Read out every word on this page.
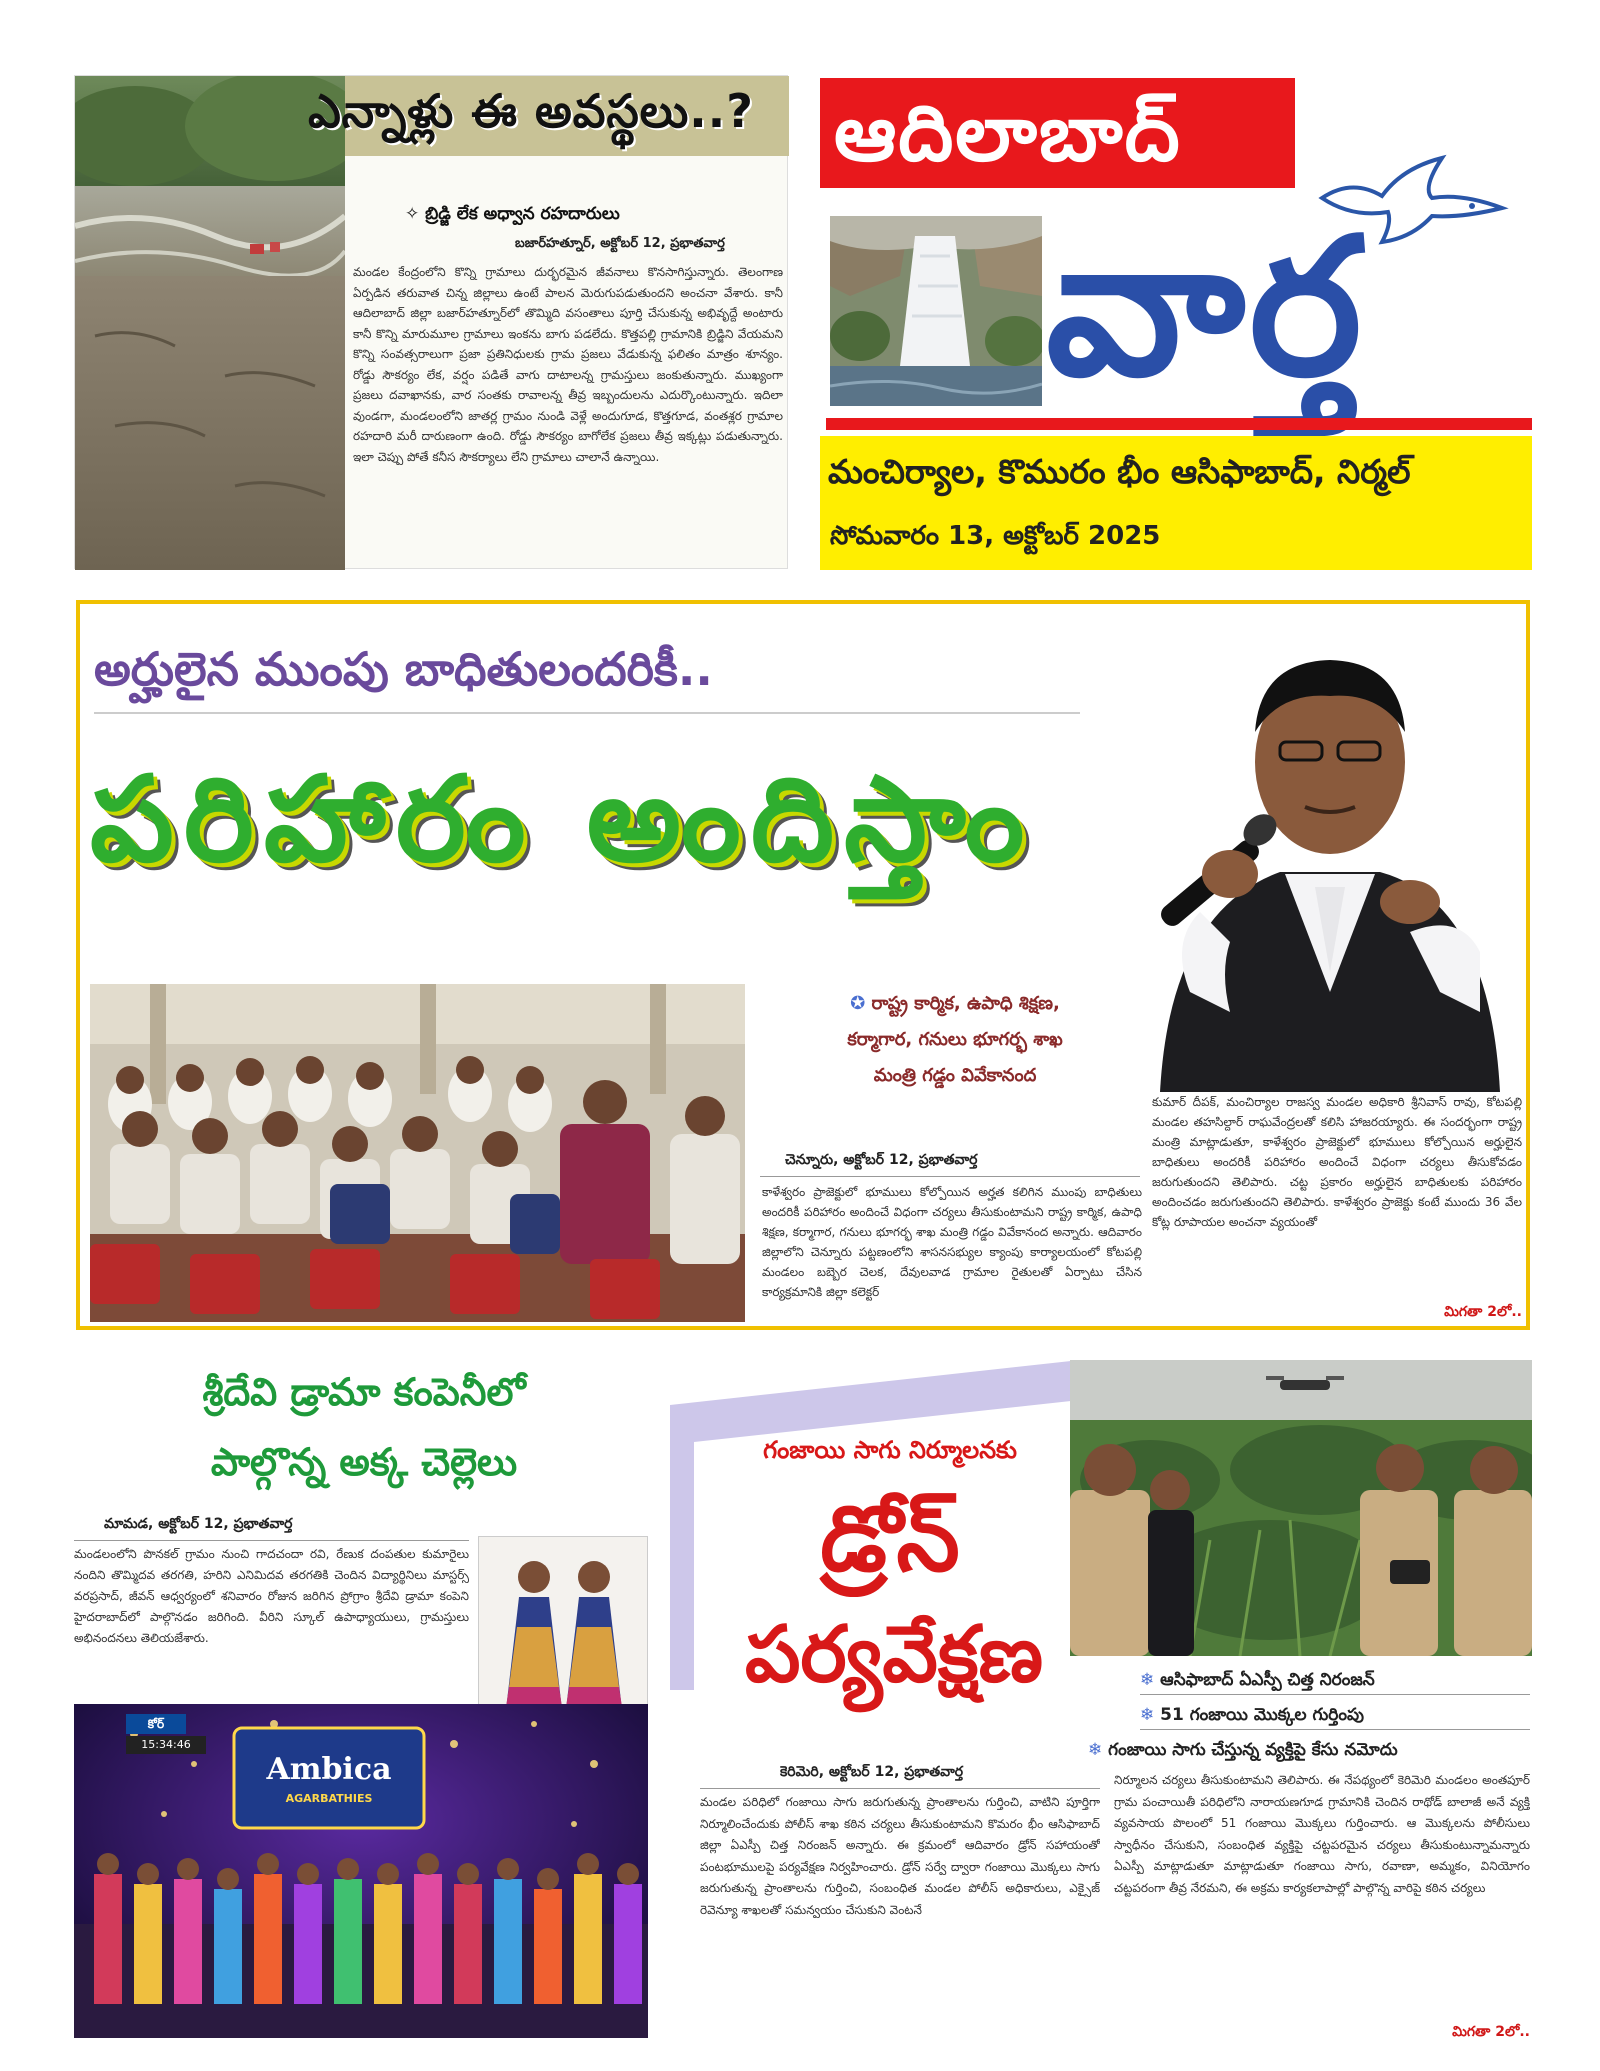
ఎన్నాళ్లు ఈ అవస్థలు..?
✧ బ్రిడ్జి లేక అధ్వాన రహదారులు
బజార్‌హత్నూర్, అక్టోబర్ 12, ప్రభాతవార్త
మండల కేంద్రంలోని కొన్ని గ్రామాలు దుర్భరమైన జీవనాలు కొనసాగిస్తున్నారు. తెలంగాణ ఏర్పడిన తరువాత చిన్న జిల్లాలు ఉంటే పాలన మెరుగుపడుతుందని అంచనా వేశారు. కానీ ఆదిలాబాద్ జిల్లా బజార్‌హత్నూర్‌లో తొమ్మిది వసంతాలు పూర్తి చేసుకున్న అభివృద్దే అంటారు కానీ కొన్ని మారుమూల గ్రామాలు ఇంకను బాగు పడలేదు. కొత్తపల్లి గ్రామానికి బ్రిడ్జిని వేయమని కొన్ని సంవత్సరాలుగా ప్రజా ప్రతినిధులకు గ్రామ ప్రజలు వేడుకున్న ఫలితం మాత్రం శూన్యం. రోడ్డు సౌకర్యం లేక, వర్షం పడితే వాగు దాటాలన్న గ్రామస్తులు జంకుతున్నారు. ముఖ్యంగా ప్రజలు దవాఖానకు, వార సంతకు రావాలన్న తీవ్ర ఇబ్బందులను ఎదుర్కొంటున్నారు. ఇదిలా వుండగా, మండలంలోని జాతర్ల గ్రామం నుండి వెళ్లే అందుగూడ, కొత్తగూడ, వంతశ్లర గ్రామాల రహదారి మరీ దారుణంగా ఉంది. రోడ్డు సౌకర్యం బాగోలేక ప్రజలు తీవ్ర ఇక్కట్లు పడుతున్నారు. ఇలా చెప్పు పోతే కనీస సౌకర్యాలు లేని గ్రామాలు చాలానే ఉన్నాయి.
ఆదిలాబాద్
వార్త
మంచిర్యాల, కొమురం భీం ఆసిఫాబాద్, నిర్మల్
సోమవారం 13, అక్టోబర్ 2025
అర్హులైన ముంపు బాధితులందరికీ..
పరిహారం అందిస్తాం
✪ రాష్ట్ర కార్మిక, ఉపాధి శిక్షణ,
కర్మాగార, గనులు భూగర్భ శాఖ
మంత్రి గడ్డం వివేకానంద
చెన్నూరు, అక్టోబర్ 12, ప్రభాతవార్త
కాళేశ్వరం ప్రాజెక్టులో భూములు కోల్పోయిన అర్హత కలిగిన ముంపు బాధితులు అందరికీ పరిహారం అందించే విధంగా చర్యలు తీసుకుంటామని రాష్ట్ర కార్మిక, ఉపాధి శిక్షణ, కర్మాగార, గనులు భూగర్భ శాఖ మంత్రి గడ్డం వివేకానంద అన్నారు. ఆదివారం జిల్లాలోని చెన్నూరు పట్టణంలోని శాసనసభ్యుల క్యాంపు కార్యాలయంలో కోటపల్లి మండలం బబ్బెర చెలక, దేవులవాడ గ్రామాల రైతులతో ఏర్పాటు చేసిన కార్యక్రమానికి జిల్లా కలెక్టర్
కుమార్ దీపక్, మంచిర్యాల రాజస్వ మండల అధికారి శ్రీనివాస్ రావు, కోటపల్లి మండల తహసిల్దార్ రాఘవేంద్రలతో కలిసి హాజరయ్యారు. ఈ సందర్భంగా రాష్ట్ర మంత్రి మాట్లాడుతూ, కాళేశ్వరం ప్రాజెక్టులో భూములు కోల్పోయిన అర్హులైన బాధితులు అందరికీ పరిహారం అందించే విధంగా చర్యలు తీసుకోవడం జరుగుతుందని తెలిపారు. చట్ట ప్రకారం అర్హులైన బాధితులకు పరిహారం అందించడం జరుగుతుందని తెలిపారు. కాళేశ్వరం ప్రాజెక్టు కంటే ముందు 36 వేల కోట్ల రూపాయల అంచనా వ్యయంతో
మిగతా 2లో..
శ్రీదేవి డ్రామా కంపెనీలో
పాల్గొన్న అక్క చెల్లెలు
మామడ, అక్టోబర్ 12, ప్రభాతవార్త
మండలంలోని పొనకల్ గ్రామం నుంచి గాదచందా రవి, రేణుక దంపతుల కుమారైలు నందిని తొమ్మిదవ తరగతి, హరిని ఎనిమిదవ తరగతికి చెందిన విద్యార్థినిలు మాస్టర్స్ వరప్రసాద్, జీవన్ ఆధ్వర్యంలో శనివారం రోజున జరిగిన ప్రోగ్రాం శ్రీదేవి డ్రామా కంపెని హైదరాబాద్‌లో పాల్గొనడం జరిగింది. వీరిని స్కూల్ ఉపాధ్యాయులు, గ్రామస్తులు అభినందనలు తెలియజేశారు.
కోర్
15:34:46
Ambica
AGARBATHIES
గంజాయి సాగు నిర్మూలనకు
డ్రోన్
పర్యవేక్షణ	❄ ఆసిఫాబాద్ ఏఎస్పీ చిత్త నిరంజన్
❄ 51 గంజాయి మొక్కల గుర్తింపు
❄ గంజాయి సాగు చేస్తున్న వ్యక్తిపై కేసు నమోదు
కెరిమెరి, అక్టోబర్ 12, ప్రభాతవార్త
మండల పరిధిలో గంజాయి సాగు జరుగుతున్న ప్రాంతాలను గుర్తించి, వాటిని పూర్తిగా నిర్మూలించేందుకు పోలీస్ శాఖ కఠిన చర్యలు తీసుకుంటామని కొమరం భీం ఆసిఫాబాద్ జిల్లా ఏఎస్పీ చిత్త నిరంజన్ అన్నారు. ఈ క్రమంలో ఆదివారం డ్రోన్ సహాయంతో పంటభూములపై పర్యవేక్షణ నిర్వహించారు. డ్రోన్ సర్వే ద్వారా గంజాయి మొక్కలు సాగు జరుగుతున్న ప్రాంతాలను గుర్తించి, సంబంధిత మండల పోలీస్ అధికారులు, ఎక్సైజ్ రెవెన్యూ శాఖలతో సమన్వయం చేసుకుని వెంటనే
నిర్మూలన చర్యలు తీసుకుంటామని తెలిపారు. ఈ నేపథ్యంలో కెరిమెరి మండలం అంతపూర్ గ్రామ పంచాయితీ పరిధిలోని నారాయణగూడ గ్రామానికి చెందిన రాథోడ్ బాలాజీ అనే వ్యక్తి వ్యవసాయ పొలంలో 51 గంజాయి మొక్కలు గుర్తించారు. ఆ మొక్కలను పోలీసులు స్వాధీనం చేసుకుని, సంబంధిత వ్యక్తిపై చట్టపరమైన చర్యలు తీసుకుంటున్నామన్నారు ఏఎస్పీ మాట్లాడుతూ మాట్లాడుతూ గంజాయి సాగు, రవాణా, అమ్మకం, వినియోగం చట్టపరంగా తీవ్ర నేరమని, ఈ అక్రమ కార్యకలాపాల్లో పాల్గొన్న వారిపై కఠిన చర్యలు
మిగతా 2లో..
